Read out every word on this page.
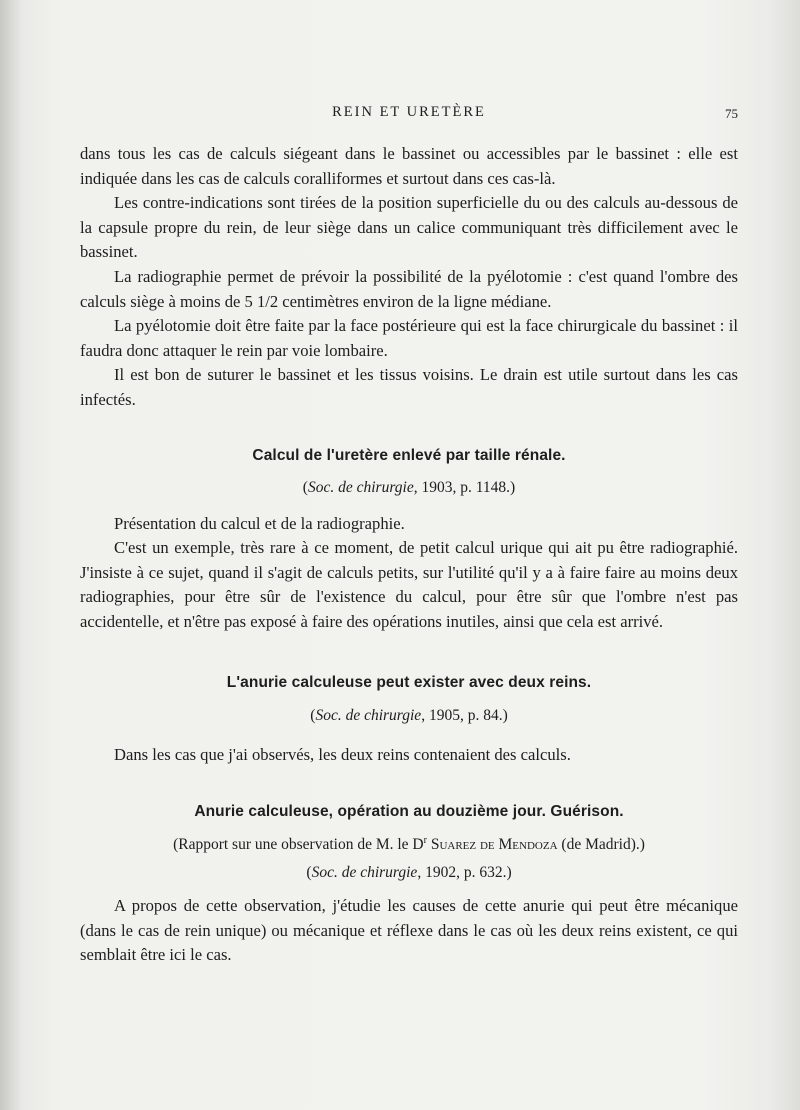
REIN ET URETÈRE	75

dans tous les cas de calculs siégeant dans le bassinet ou accessibles par le bassinet : elle est indiquée dans les cas de calculs coralliformes et surtout dans ces cas-là.

Les contre-indications sont tirées de la position superficielle du ou des calculs au-dessous de la capsule propre du rein, de leur siège dans un calice communiquant très difficilement avec le bassinet.

La radiographie permet de prévoir la possibilité de la pyélotomie : c'est quand l'ombre des calculs siège à moins de 5 1/2 centimètres environ de la ligne médiane.

La pyélotomie doit être faite par la face postérieure qui est la face chirurgicale du bassinet : il faudra donc attaquer le rein par voie lombaire.

Il est bon de suturer le bassinet et les tissus voisins. Le drain est utile surtout dans les cas infectés.

Calcul de l'uretère enlevé par taille rénale.
(Soc. de chirurgie, 1903, p. 1148.)

Présentation du calcul et de la radiographie.

C'est un exemple, très rare à ce moment, de petit calcul urique qui ait pu être radiographié. J'insiste à ce sujet, quand il s'agit de calculs petits, sur l'utilité qu'il y a à faire faire au moins deux radiographies, pour être sûr de l'existence du calcul, pour être sûr que l'ombre n'est pas accidentelle, et n'être pas exposé à faire des opérations inutiles, ainsi que cela est arrivé.

L'anurie calculeuse peut exister avec deux reins.
(Soc. de chirurgie, 1905, p. 84.)

Dans les cas que j'ai observés, les deux reins contenaient des calculs.

Anurie calculeuse, opération au douzième jour. Guérison.
(Rapport sur une observation de M. le $D^r$ Suarez de Mendoza (de Madrid).)
(Soc. de chirurgie, 1902, p. 632.)

A propos de cette observation, j'étudie les causes de cette anurie qui peut être mécanique (dans le cas de rein unique) ou mécanique et réflexe dans le cas où les deux reins existent, ce qui semblait être ici le cas.
